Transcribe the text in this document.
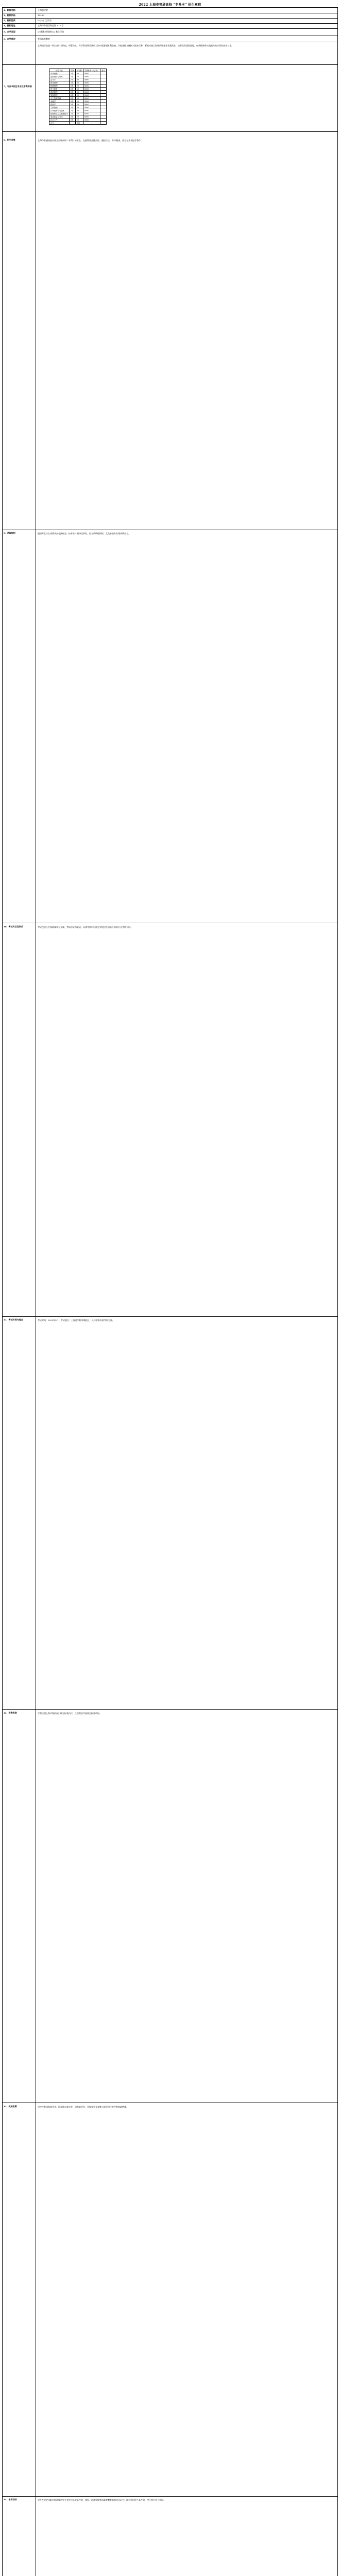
2022 上海市普通高校 “专升本” 招生章程
1、院校名称	上海商学院
2、院校代码	10299
3、院校性质	☑ 公办 □ 民办
4、院校地址	上海市奉贤区海思路 123 号
5、办学类型	☑ 普通本科院校 □ 独立学院
6、办学层次	普通高等教育
上海商学院是一所以商科为特色，经管为主，多学科协调发展的上海市属普通本科高校。学校坚持立德树人根本任务，紧密对接上海现代服务业发展需求，培养具有国际视野、创新精神和实践能力的应用型商业人才。
7、专升本招生专业及学费标准
招生专业	学制	计划数	学费标准（元/年）	备注
市场营销	2年	30	5000	
国际经济与贸易	2年	20	5000	
会计学	2年	30	5000	
财务管理	2年	20	5000	
物流管理	2年	20	5000	
电子商务	2年	20	5000	
酒店管理	2年	20	5000	
旅游管理	2年	20	5000	
人力资源管理	2年	20	5000	
金融学	2年	20	5000	
投资学	2年	20	5000	
工商管理	2年	30	5000	
计算机科学与技术	2年	30	6500	
数据科学与大数据技术	2年	20	6500	
食品质量与安全	2年	20	6500	
社会工作	2年	20	5000	
合计		360		
8、招生对象	上海市普通高校应届全日制高职（专科）毕业生，在校期间品德良好、遵纪守法，身体健康，符合专升本报考条件。
9、录取规则	根据考生综合成绩从高分到低分，按专业计划择优录取。综合成绩相同时，优先录取专业课成绩高者。
10、考试科目及形式	考试包括公共基础课和专业课，考试形式为笔试。具体考试科目详见学校招生网站公布的专业考试大纲。
11、考试时间与地点	考试时间：2022年5月；考试地点：上海商学院奉浦校区，具体安排以准考证为准。
12、收费标准	学费按照上海市物价部门核定标准执行，住宿费按学校规定标准收取。
13、奖助政策	学校设有国家奖学金、国家励志奖学金、国家助学金、学校奖学金及勤工助学岗位等多种奖助措施。
14、学历证书	学生在规定年限内修满规定学分并符合毕业条件的，颁发上海商学院普通高等教育本科毕业证书；符合学位授予条件的，授予相应学士学位。
